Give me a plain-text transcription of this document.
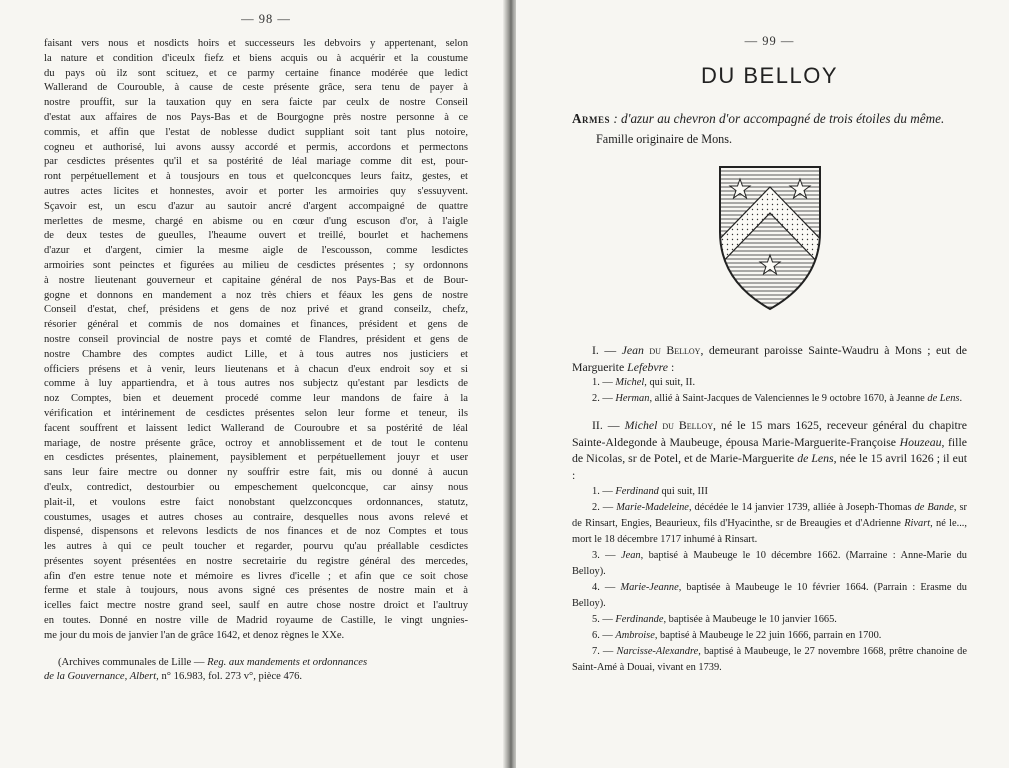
— 98 —
faisant vers nous et nosdicts hoirs et successeurs les debvoirs y appertenant, selon
la nature et condition d'iceulx fiefz et biens acquis ou à acquérir et la coustume
du pays où ilz sont scituez, et ce parmy certaine finance modérée que ledict
Wallerand de Courouble, à cause de ceste présente grâce, sera tenu de payer à
nostre prouffit, sur la tauxation quy en sera faicte par ceulx de nostre Conseil
d'estat aux affaires de nos Pays-Bas et de Bourgogne près nostre personne à ce
commis, et affin que l'estat de noblesse dudict suppliant soit tant plus notoire,
cogneu et authorisé, lui avons aussy accordé et permis, accordons et permectons
par cesdictes présentes qu'il et sa postérité de léal mariage comme dit est, pour-
ront perpétuellement et à tousjours en tous et quelconcques leurs faitz, gestes, et
autres actes licites et honnestes, avoir et porter les armoiries quy s'essuyvent.
Sçavoir est, un escu d'azur au sautoir ancré d'argent accompaigné de quattre
merlettes de mesme, chargé en abisme ou en cœur d'ung escuson d'or, à l'aigle
de deux testes de gueulles, l'heaume ouvert et treillé, bourlet et hachemens
d'azur et d'argent, cimier la mesme aigle de l'escousson, comme lesdictes
armoiries sont peinctes et figurées au milieu de cesdictes présentes ; sy ordonnons
à nostre lieutenant gouverneur et capitaine général de nos Pays-Bas et de Bour-
gogne et donnons en mandement a noz très chiers et féaux les gens de nostre
Conseil d'estat, chef, présidens et gens de noz privé et grand conseilz, chefz,
résorier général et commis de nos domaines et finances, président et gens de
nostre conseil provincial de nostre pays et comté de Flandres, président et gens de
nostre Chambre des comptes audict Lille, et à tous autres nos justiciers et
officiers présens et à venir, leurs lieutenans et à chacun d'eux endroit soy et si
comme à luy appartiendra, et à tous autres nos subjectz qu'estant par lesdicts de
noz Comptes, bien et deuement procedé comme leur mandons de faire à la
vérification et intérinement de cesdictes présentes selon leur forme et teneur, ils
facent souffrent et laissent ledict Wallerand de Couroubre et sa postérité de léal
mariage, de nostre présente grâce, octroy et annoblissement et de tout le contenu
en cesdictes présentes, plainement, paysiblement et perpétuellement jouyr et user
sans leur faire mectre ou donner ny souffrir estre fait, mis ou donné à aucun
d'eulx, contredict, destourbier ou empeschement quelconcque, car ainsy nous
plait-il, et voulons estre faict nonobstant quelzconcques ordonnances, statutz,
coustumes, usages et autres choses au contraire, desquelles nous avons relevé et
dispensé, dispensons et relevons lesdicts de nos finances et de noz Comptes et tous
les autres à qui ce peult toucher et regarder, pourvu qu'au préallable cesdictes
présentes soyent présentées en nostre secretairie du registre général des mercedes,
afin d'en estre tenue note et mémoire es livres d'icelle ; et afin que ce soit chose
ferme et stale à toujours, nous avons signé ces présentes de nostre main et à
icelles faict mectre nostre grand seel, saulf en autre chose nostre droict et l'aultruy
en toutes. Donné en nostre ville de Madrid royaume de Castille, le vingt ungnies-
me jour du mois de janvier l'an de grâce 1642, et denoz règnes le XXe.

(Archives communales de Lille — Reg. aux mandements et ordonnances
de la Gouvernance, Albert, n° 16.983, fol. 273 v°, pièce 476.

— 99 —
DU BELLOY

Armes : d'azur au chevron d'or accompagné de trois étoiles du même.

Famille originaire de Mons.

I. — Jean du Belloy, demeurant paroisse Sainte-Waudru à Mons ; eut de Marguerite Lefebvre :

1. — Michel, qui suit, II.

2. — Herman, allié à Saint-Jacques de Valenciennes le 9 octobre 1670, à Jeanne de Lens.

II. — Michel du Belloy, né le 15 mars 1625, receveur général du chapitre Sainte-Aldegonde à Maubeuge, épousa Marie-Marguerite-Françoise Houzeau, fille de Nicolas, sr de Potel, et de Marie-Marguerite de Lens, née le 15 avril 1626 ; il eut :

1. — Ferdinand qui suit, III

2. — Marie-Madeleine, décédée le 14 janvier 1739, alliée à Joseph-Thomas de Bande, sr de Rinsart, Engies, Beaurieux, fils d'Hyacinthe, sr de Breaugies et d'Adrienne Rivart, né le..., mort le 18 décembre 1717 inhumé à Rinsart.

3. — Jean, baptisé à Maubeuge le 10 décembre 1662. (Marraine : Anne-Marie du Belloy).

4. — Marie-Jeanne, baptisée à Maubeuge le 10 février 1664. (Parrain : Erasme du Belloy).

5. — Ferdinande, baptisée à Maubeuge le 10 janvier 1665.

6. — Ambroise, baptisé à Maubeuge le 22 juin 1666, parrain en 1700.

7. — Narcisse-Alexandre, baptisé à Maubeuge, le 27 novembre 1668, prêtre chanoine de Saint-Amé à Douai, vivant en 1739.
